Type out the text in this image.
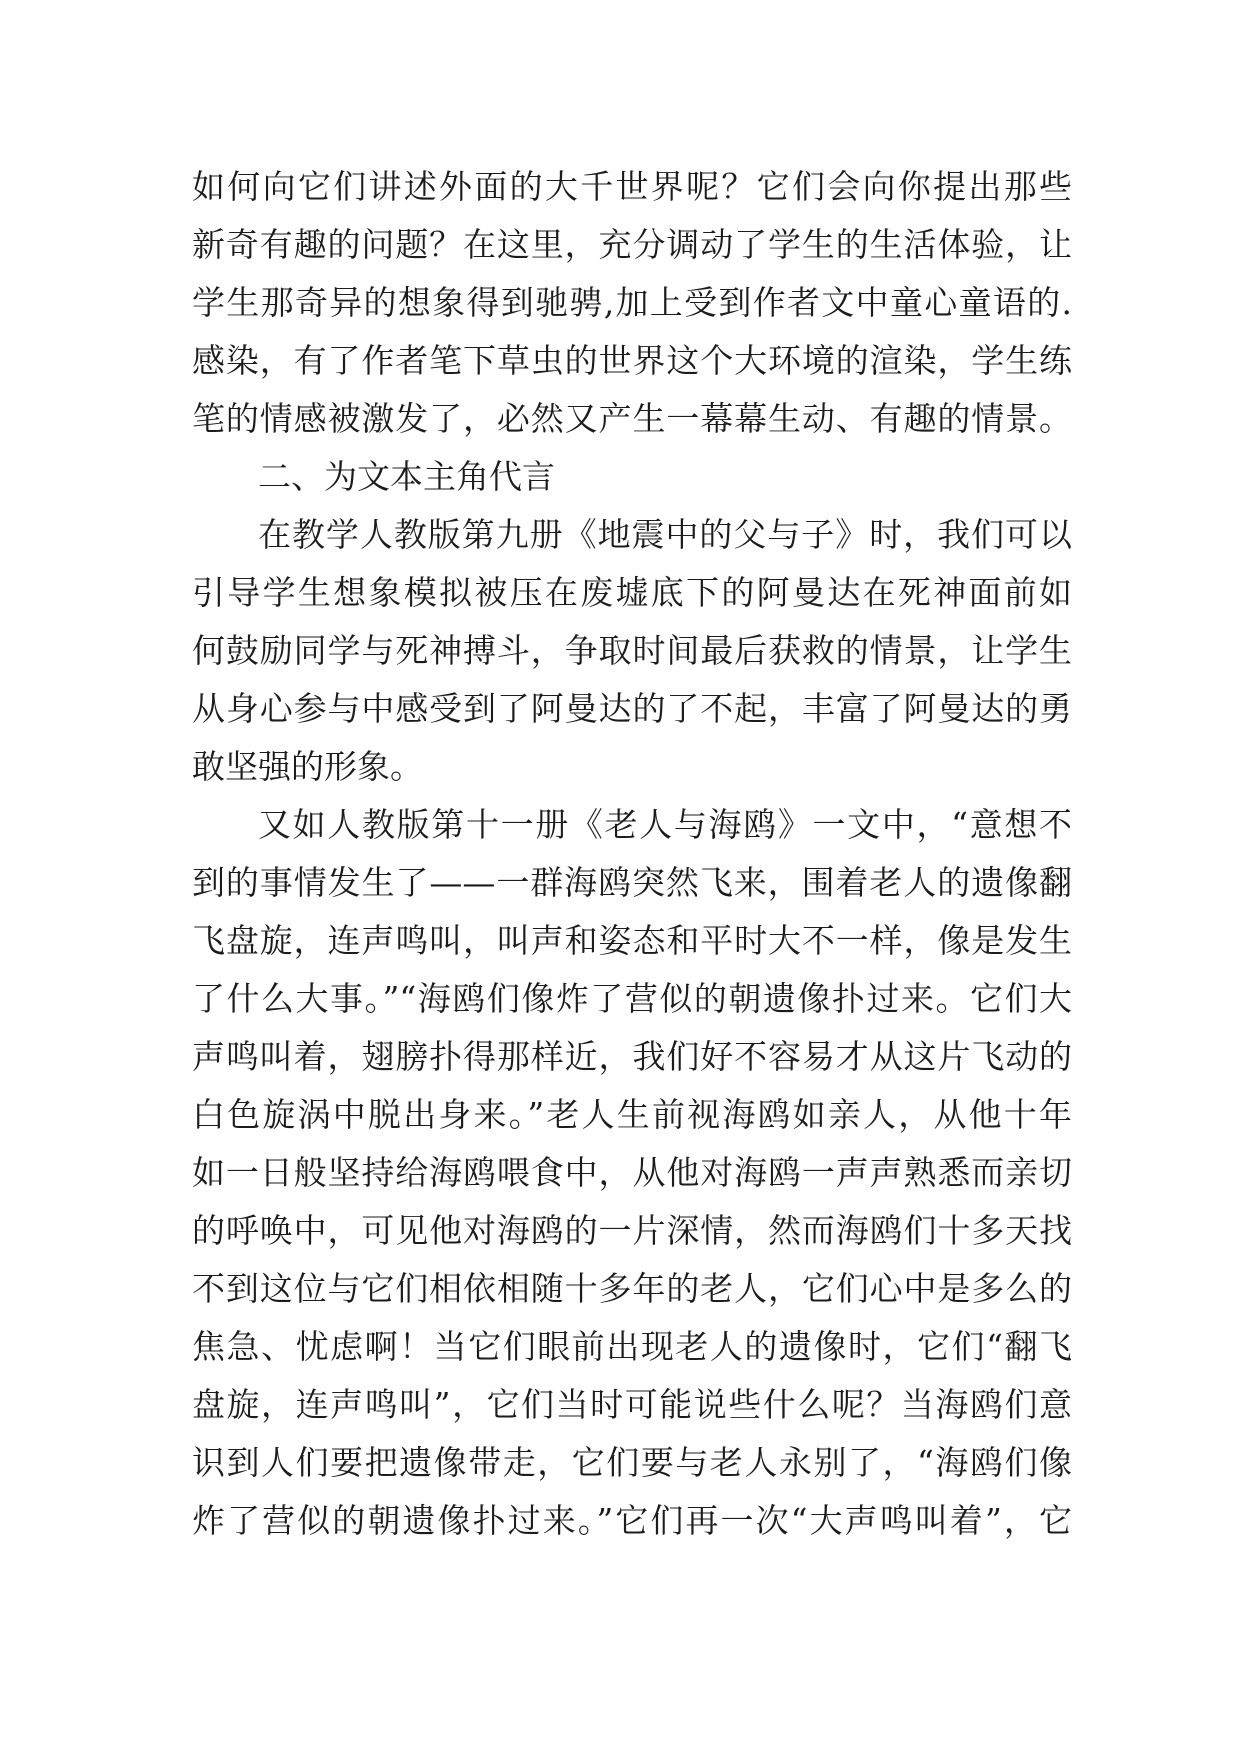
如何向它们讲述外面的大千世界呢？它们会向你提出那些
新奇有趣的问题？在这里，充分调动了学生的生活体验，让
学生那奇异的想象得到驰骋,加上受到作者文中童心童语的.
感染，有了作者笔下草虫的世界这个大环境的渲染，学生练
笔的情感被激发了，必然又产生一幕幕生动、有趣的情景。
二、为文本主角代言
在教学人教版第九册《地震中的父与子》时，我们可以
引导学生想象模拟被压在废墟底下的阿曼达在死神面前如
何鼓励同学与死神搏斗，争取时间最后获救的情景，让学生
从身心参与中感受到了阿曼达的了不起，丰富了阿曼达的勇
敢坚强的形象。
又如人教版第十一册《老人与海鸥》一文中，“意想不
到的事情发生了——一群海鸥突然飞来，围着老人的遗像翻
飞盘旋，连声鸣叫，叫声和姿态和平时大不一样，像是发生
了什么大事。”“海鸥们像炸了营似的朝遗像扑过来。它们大
声鸣叫着，翅膀扑得那样近，我们好不容易才从这片飞动的
白色旋涡中脱出身来。”老人生前视海鸥如亲人，从他十年
如一日般坚持给海鸥喂食中，从他对海鸥一声声熟悉而亲切
的呼唤中，可见他对海鸥的一片深情，然而海鸥们十多天找
不到这位与它们相依相随十多年的老人，它们心中是多么的
焦急、忧虑啊！当它们眼前出现老人的遗像时，它们“翻飞
盘旋，连声鸣叫”，它们当时可能说些什么呢？当海鸥们意
识到人们要把遗像带走，它们要与老人永别了，“海鸥们像
炸了营似的朝遗像扑过来。”它们再一次“大声鸣叫着”，它
